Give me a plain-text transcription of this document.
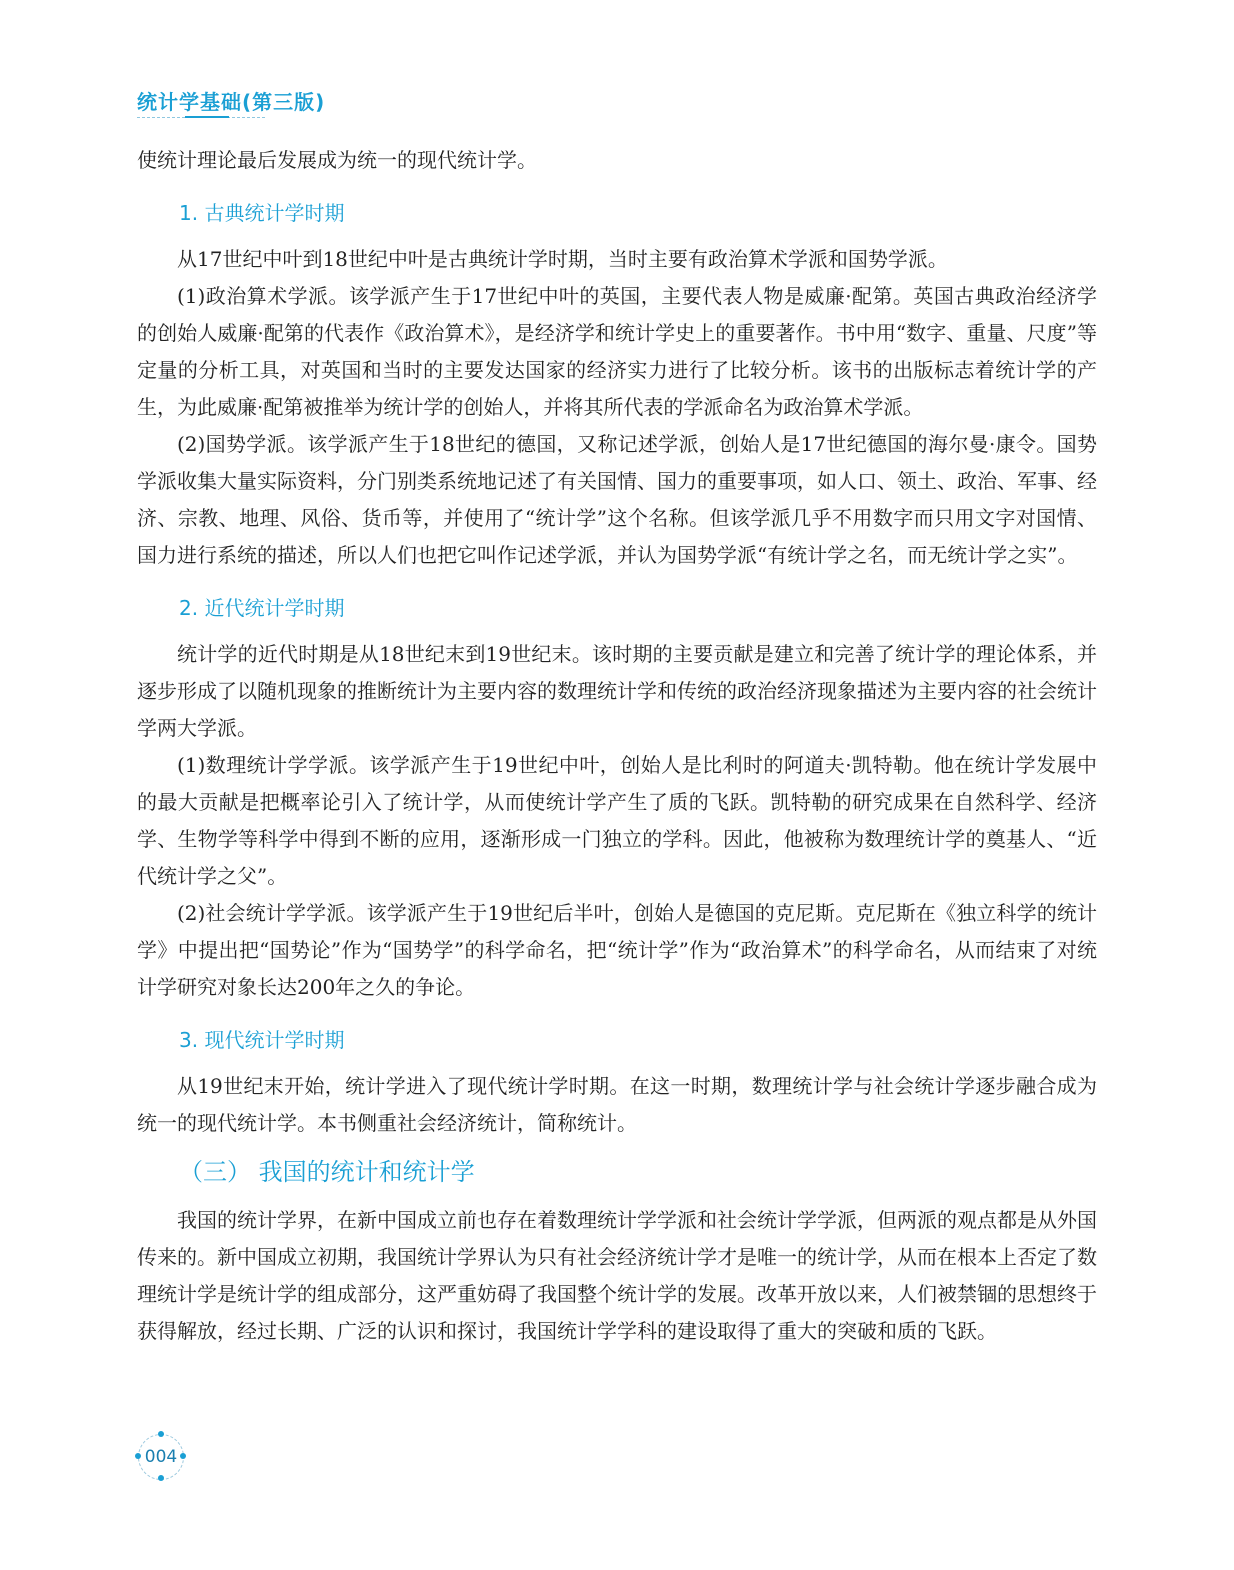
统计学基础(第三版)

使统计理论最后发展成为统一的现代统计学。

1. 古典统计学时期

从17世纪中叶到18世纪中叶是古典统计学时期，当时主要有政治算术学派和国势学派。

(1)政治算术学派。该学派产生于17世纪中叶的英国，主要代表人物是威廉·配第。英国古典政治经济学的创始人威廉·配第的代表作《政治算术》，是经济学和统计学史上的重要著作。书中用“数字、重量、尺度”等定量的分析工具，对英国和当时的主要发达国家的经济实力进行了比较分析。该书的出版标志着统计学的产生，为此威廉·配第被推举为统计学的创始人，并将其所代表的学派命名为政治算术学派。

(2)国势学派。该学派产生于18世纪的德国，又称记述学派，创始人是17世纪德国的海尔曼·康令。国势学派收集大量实际资料，分门别类系统地记述了有关国情、国力的重要事项，如人口、领土、政治、军事、经济、宗教、地理、风俗、货币等，并使用了“统计学”这个名称。但该学派几乎不用数字而只用文字对国情、国力进行系统的描述，所以人们也把它叫作记述学派，并认为国势学派“有统计学之名，而无统计学之实”。

2. 近代统计学时期

统计学的近代时期是从18世纪末到19世纪末。该时期的主要贡献是建立和完善了统计学的理论体系，并逐步形成了以随机现象的推断统计为主要内容的数理统计学和传统的政治经济现象描述为主要内容的社会统计学两大学派。

(1)数理统计学学派。该学派产生于19世纪中叶，创始人是比利时的阿道夫·凯特勒。他在统计学发展中的最大贡献是把概率论引入了统计学，从而使统计学产生了质的飞跃。凯特勒的研究成果在自然科学、经济学、生物学等科学中得到不断的应用，逐渐形成一门独立的学科。因此，他被称为数理统计学的奠基人、“近代统计学之父”。

(2)社会统计学学派。该学派产生于19世纪后半叶，创始人是德国的克尼斯。克尼斯在《独立科学的统计学》中提出把“国势论”作为“国势学”的科学命名，把“统计学”作为“政治算术”的科学命名，从而结束了对统计学研究对象长达200年之久的争论。

3. 现代统计学时期

从19世纪末开始，统计学进入了现代统计学时期。在这一时期，数理统计学与社会统计学逐步融合成为统一的现代统计学。本书侧重社会经济统计，简称统计。

（三） 我国的统计和统计学

我国的统计学界，在新中国成立前也存在着数理统计学学派和社会统计学学派，但两派的观点都是从外国传来的。新中国成立初期，我国统计学界认为只有社会经济统计学才是唯一的统计学，从而在根本上否定了数理统计学是统计学的组成部分，这严重妨碍了我国整个统计学的发展。改革开放以来，人们被禁锢的思想终于获得解放，经过长期、广泛的认识和探讨，我国统计学学科的建设取得了重大的突破和质的飞跃。

004
